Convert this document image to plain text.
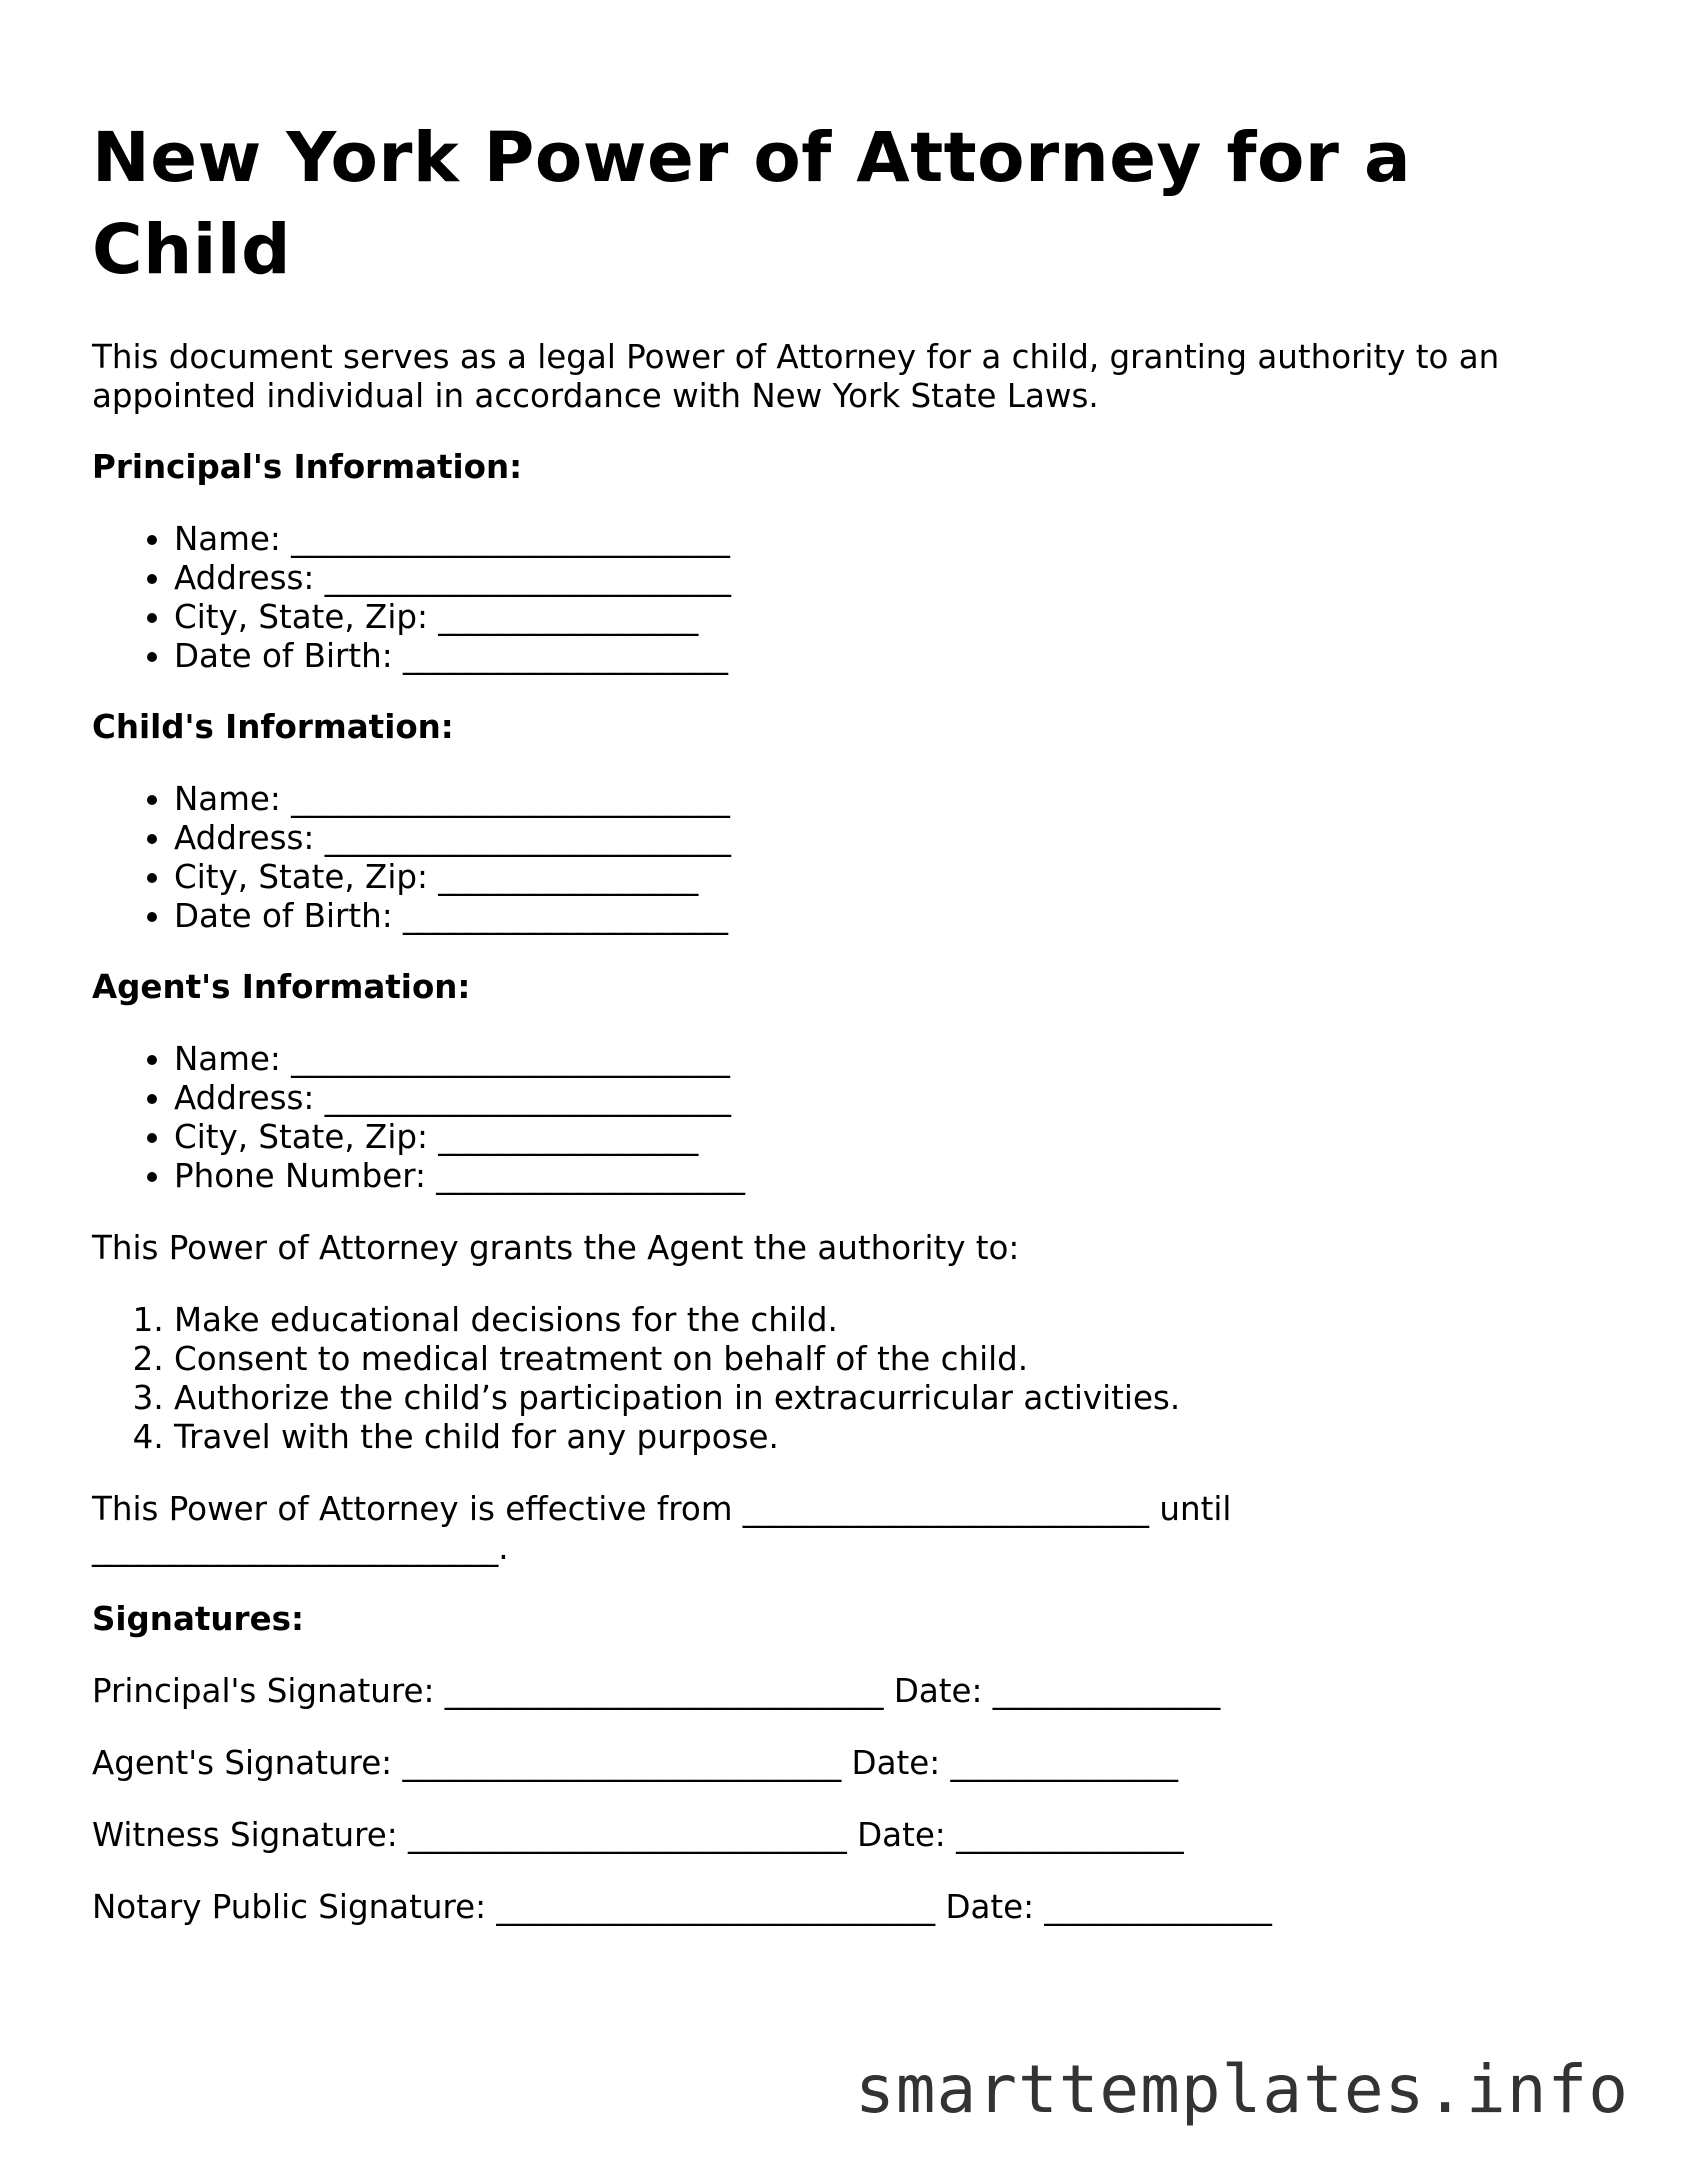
New York Power of Attorney for a Child

This document serves as a legal Power of Attorney for a child, granting authority to an appointed individual in accordance with New York State Laws.

Principal's Information:
• Name: ___________________________
• Address: _________________________
• City, State, Zip: ________________
• Date of Birth: ____________________
Child's Information:
• Name: ___________________________
• Address: _________________________
• City, State, Zip: ________________
• Date of Birth: ____________________
Agent's Information:
• Name: ___________________________
• Address: _________________________
• City, State, Zip: ________________
• Phone Number: ___________________

This Power of Attorney grants the Agent the authority to:

1. Make educational decisions for the child.
2. Consent to medical treatment on behalf of the child.
3. Authorize the child’s participation in extracurricular activities.
4. Travel with the child for any purpose.

This Power of Attorney is effective from _________________________ until _________________________.

Signatures:
Principal's Signature: ___________________________ Date: ______________
Agent's Signature: ___________________________ Date: ______________
Witness Signature: ___________________________ Date: ______________
Notary Public Signature: ___________________________ Date: ______________
smarttemplates.info
